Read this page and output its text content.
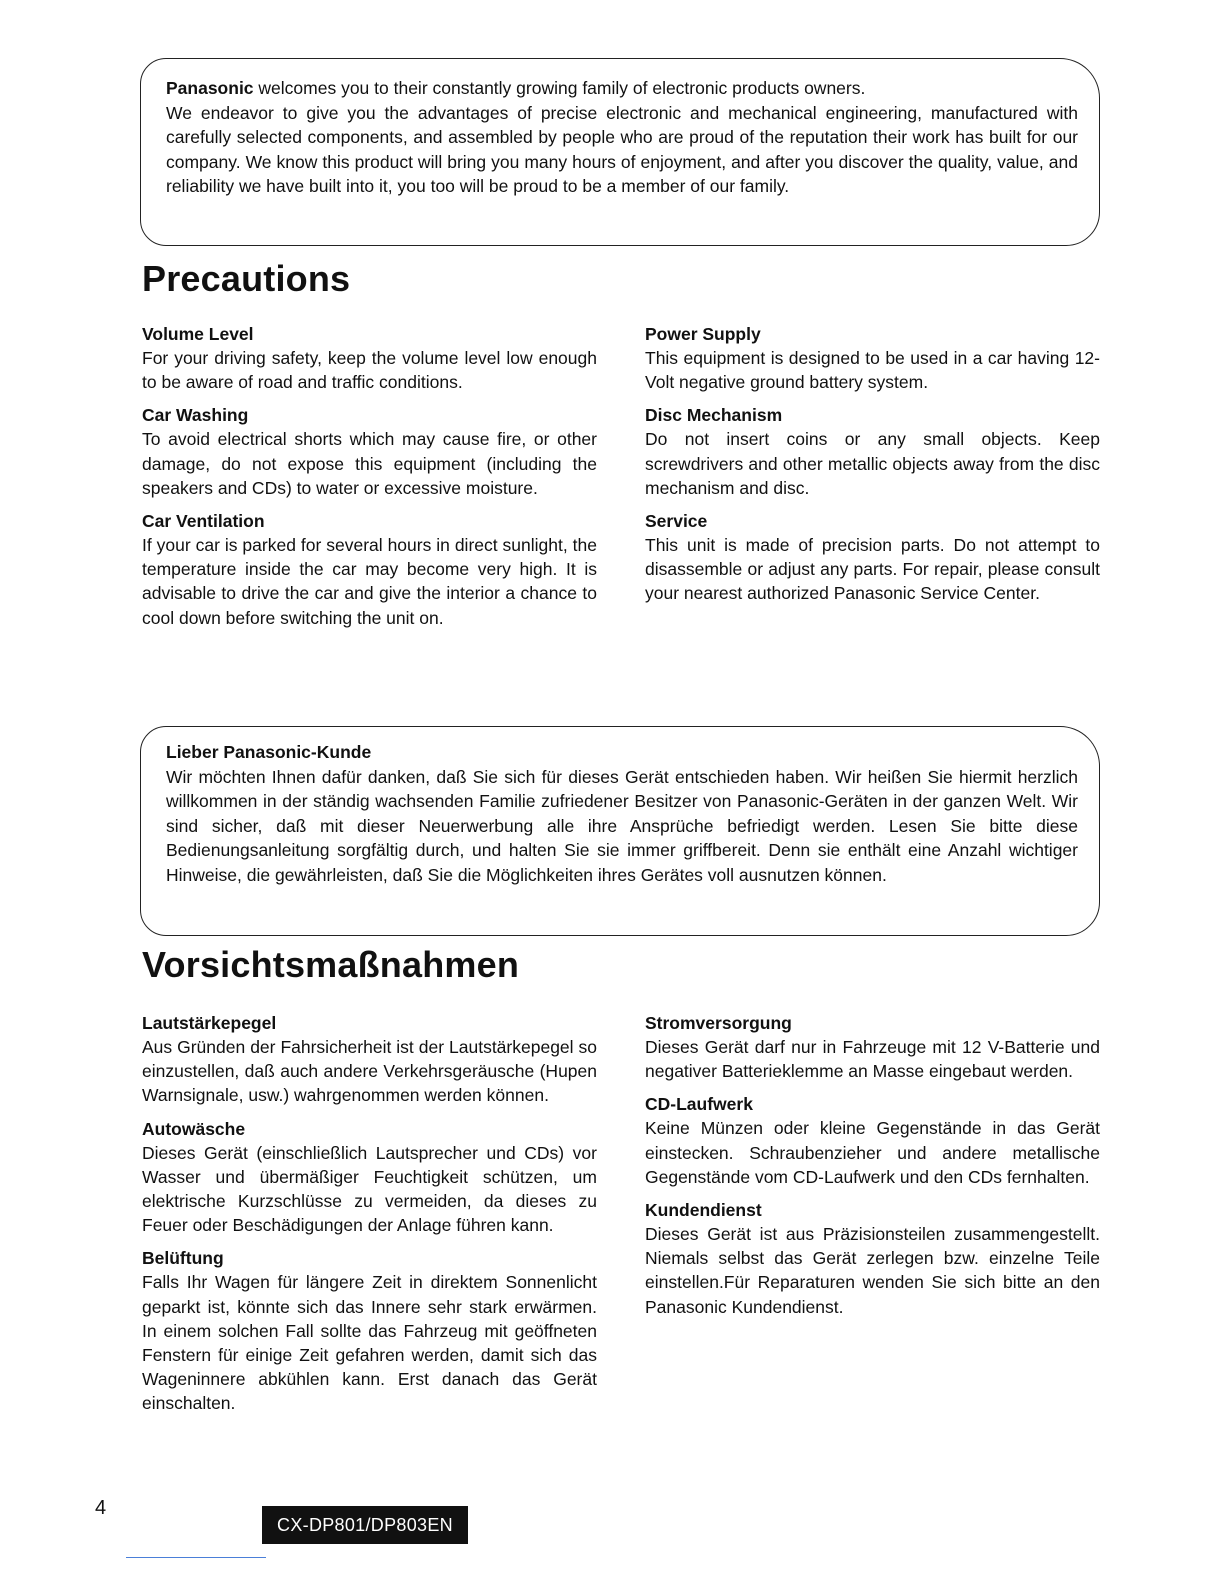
Panasonic welcomes you to their constantly growing family of electronic products owners.

We endeavor to give you the advantages of precise electronic and mechanical engineering, manufactured with carefully selected components, and assembled by people who are proud of the reputation their work has built for our company. We know this product will bring you many hours of enjoyment, and after you discover the quality, value, and reliability we have built into it, you too will be proud to be a member of our family.

Precautions
Volume Level

For your driving safety, keep the volume level low enough to be aware of road and traffic conditions.

Car Washing

To avoid electrical shorts which may cause fire, or other damage, do not expose this equipment (including the speakers and CDs) to water or excessive moisture.

Car Ventilation

If your car is parked for several hours in direct sunlight, the temperature inside the car may become very high. It is advisable to drive the car and give the interior a chance to cool down before switching the unit on.

Power Supply

This equipment is designed to be used in a car having 12-Volt negative ground battery system.

Disc Mechanism

Do not insert coins or any small objects. Keep screwdrivers and other metallic objects away from the disc mechanism and disc.

Service

This unit is made of precision parts. Do not attempt to disassemble or adjust any parts. For repair, please consult your nearest authorized Panasonic Service Center.

Lieber Panasonic-Kunde

Wir möchten Ihnen dafür danken, daß Sie sich für dieses Gerät entschieden haben. Wir heißen Sie hiermit herzlich willkommen in der ständig wachsenden Familie zufriedener Besitzer von Panasonic-Geräten in der ganzen Welt. Wir sind sicher, daß mit dieser Neuerwerbung alle ihre Ansprüche befriedigt werden. Lesen Sie bitte diese Bedienungsanleitung sorgfältig durch, und halten Sie sie immer griffbereit. Denn sie enthält eine Anzahl wichtiger Hinweise, die gewährleisten, daß Sie die Möglichkeiten ihres Gerätes voll ausnutzen können.

Vorsichtsmaßnahmen
Lautstärkepegel

Aus Gründen der Fahrsicherheit ist der Lautstärkepegel so einzustellen, daß auch andere Verkehrsgeräusche (Hupen Warnsignale, usw.) wahrgenommen werden können.

Autowäsche

Dieses Gerät (einschließlich Lautsprecher und CDs) vor Wasser und übermäßiger Feuchtigkeit schützen, um elektrische Kurzschlüsse zu vermeiden, da dieses zu Feuer oder Beschädigungen der Anlage führen kann.

Belüftung

Falls Ihr Wagen für längere Zeit in direktem Sonnenlicht geparkt ist, könnte sich das Innere sehr stark erwärmen. In einem solchen Fall sollte das Fahrzeug mit geöffneten Fenstern für einige Zeit gefahren werden, damit sich das Wageninnere abkühlen kann. Erst danach das Gerät einschalten.

Stromversorgung

Dieses Gerät darf nur in Fahrzeuge mit 12 V-Batterie und negativer Batterieklemme an Masse eingebaut werden.

CD-Laufwerk

Keine Münzen oder kleine Gegenstände in das Gerät einstecken. Schraubenzieher und andere metallische Gegenstände vom CD-Laufwerk und den CDs fernhalten.

Kundendienst

Dieses Gerät ist aus Präzisionsteilen zusammengestellt. Niemals selbst das Gerät zerlegen bzw. einzelne Teile einstellen.Für Reparaturen wenden Sie sich bitte an den Panasonic Kundendienst.

4
CX-DP801/DP803EN
